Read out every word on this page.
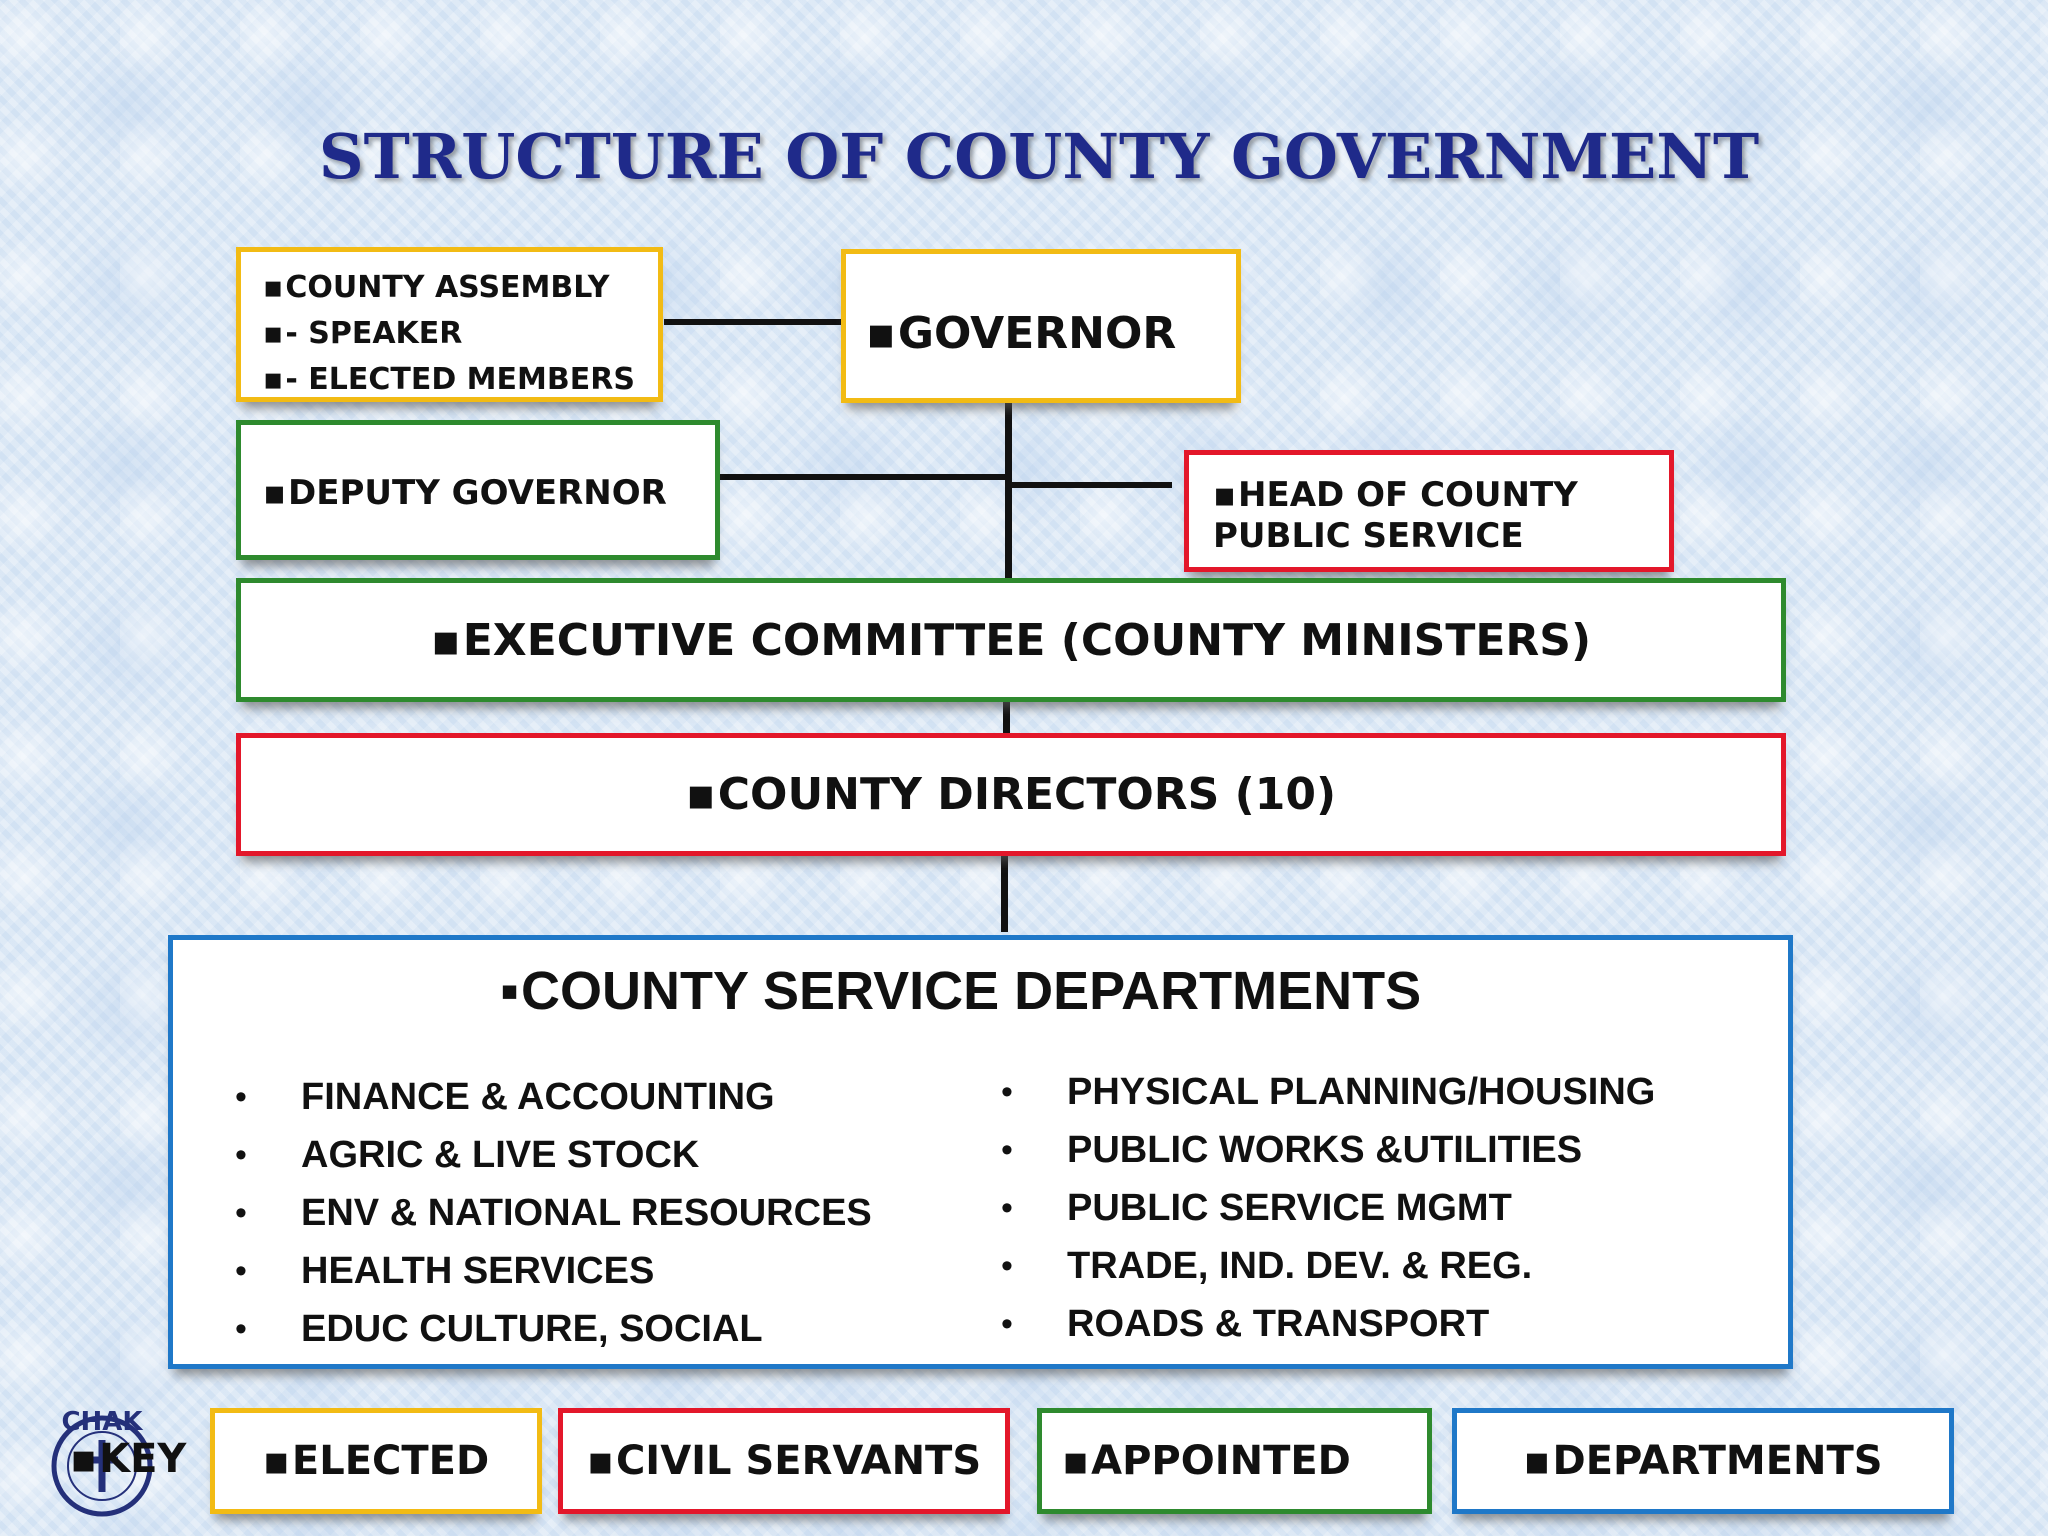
STRUCTURE OF COUNTY GOVERNMENT
▪ COUNTY ASSEMBLY
▪ - SPEAKER
▪ - ELECTED MEMBERS
▪ GOVERNOR
▪ DEPUTY GOVERNOR	▪ HEAD OF COUNTY
PUBLIC SERVICE
▪ EXECUTIVE COMMITTEE (COUNTY MINISTERS)
▪ COUNTY DIRECTORS (10)
▪ COUNTY SERVICE DEPARTMENTS
• FINANCE & ACCOUNTING
• AGRIC & LIVE STOCK
• ENV & NATIONAL RESOURCES
• HEALTH SERVICES
• EDUC CULTURE, SOCIAL
• PHYSICAL PLANNING/HOUSING
• PUBLIC WORKS &UTILITIES
• PUBLIC SERVICE MGMT
• TRADE, IND. DEV. & REG.
• ROADS & TRANSPORT
CHAK
▪ KEY	▪ ELECTED	▪ CIVIL SERVANTS	▪ APPOINTED	▪ DEPARTMENTS
